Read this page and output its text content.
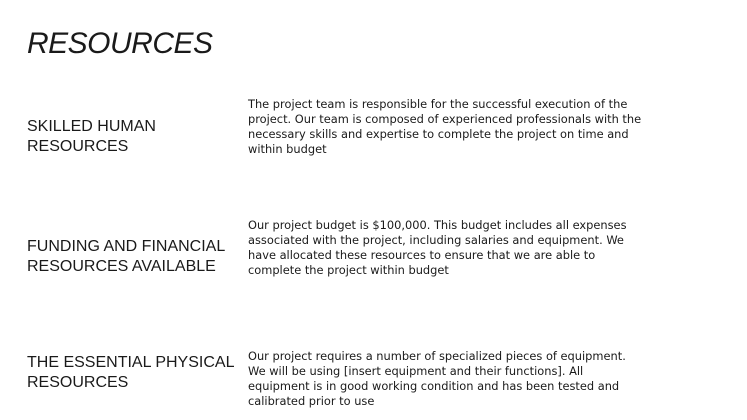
RESOURCES
SKILLED HUMAN RESOURCES

The project team is responsible for the successful execution of the project. Our team is composed of experienced professionals with the necessary skills and expertise to complete the project on time and within budget

FUNDING AND FINANCIAL RESOURCES AVAILABLE

Our project budget is $100,000. This budget includes all expenses associated with the project, including salaries and equipment. We have allocated these resources to ensure that we are able to complete the project within budget

THE ESSENTIAL PHYSICAL RESOURCES

Our project requires a number of specialized pieces of equipment. We will be using [insert equipment and their functions]. All equipment is in good working condition and has been tested and calibrated prior to use
